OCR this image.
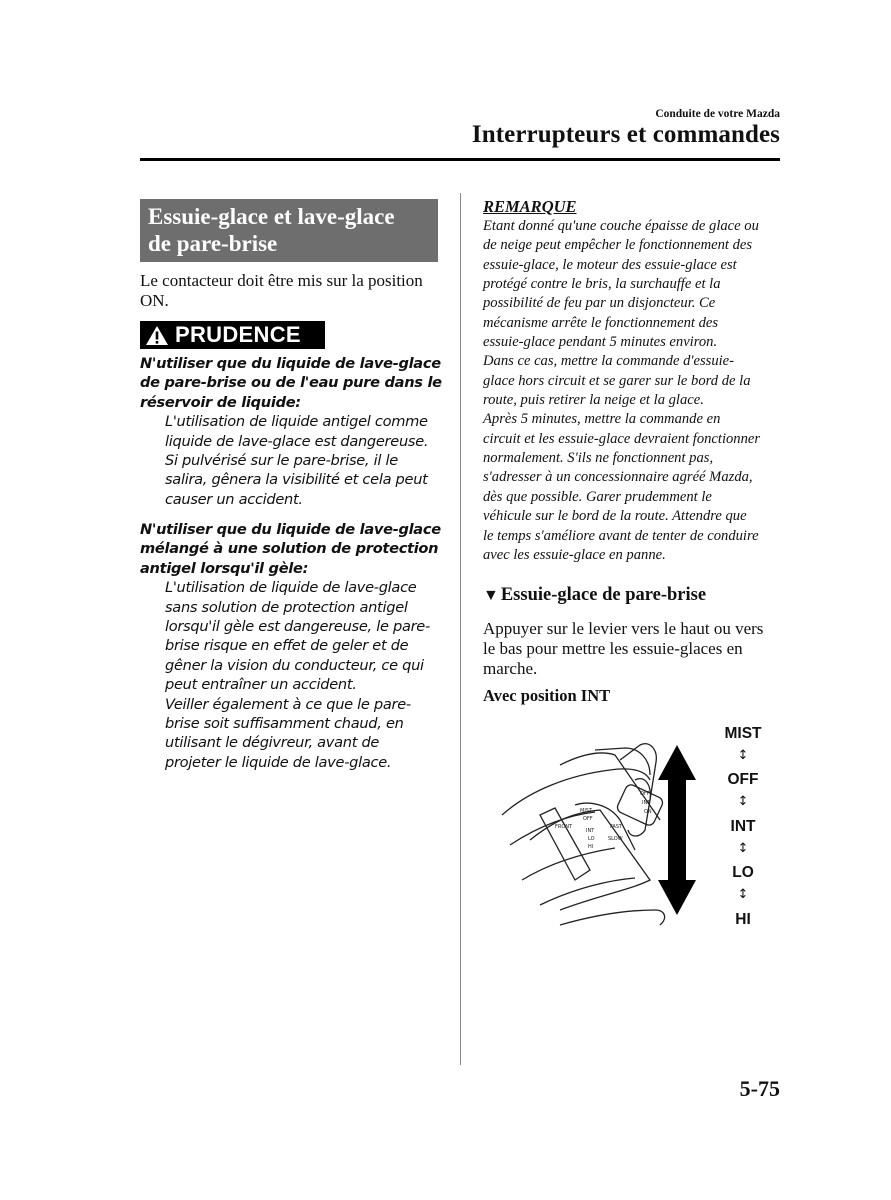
Conduite de votre Mazda
Interrupteurs et commandes
Essuie-glace et lave-glace
de pare-brise
Le contacteur doit être mis sur la position ON.
PRUDENCE
N'utiliser que du liquide de lave-glace
de pare-brise ou de l'eau pure dans le
réservoir de liquide:
L'utilisation de liquide antigel comme
liquide de lave-glace est dangereuse.
Si pulvérisé sur le pare-brise, il le
salira, gênera la visibilité et cela peut
causer un accident.
N'utiliser que du liquide de lave-glace
mélangé à une solution de protection
antigel lorsqu'il gèle:
L'utilisation de liquide de lave-glace
sans solution de protection antigel
lorsqu'il gèle est dangereuse, le pare-
brise risque en effet de geler et de
gêner la vision du conducteur, ce qui
peut entraîner un accident.
Veiller également à ce que le pare-
brise soit suffisamment chaud, en
utilisant le dégivreur, avant de
projeter le liquide de lave-glace.
REMARQUE
Etant donné qu'une couche épaisse de glace ou
de neige peut empêcher le fonctionnement des
essuie-glace, le moteur des essuie-glace est
protégé contre le bris, la surchauffe et la
possibilité de feu par un disjoncteur. Ce
mécanisme arrête le fonctionnement des
essuie-glace pendant 5 minutes environ.
Dans ce cas, mettre la commande d'essuie-
glace hors circuit et se garer sur le bord de la
route, puis retirer la neige et la glace.
Après 5 minutes, mettre la commande en
circuit et les essuie-glace devraient fonctionner
normalement. S'ils ne fonctionnent pas,
s'adresser à un concessionnaire agréé Mazda,
dès que possible. Garer prudemment le
véhicule sur le bord de la route. Attendre que
le temps s'améliore avant de tenter de conduire
avec les essuie-glace en panne.
▼ Essuie-glace de pare-brise
Appuyer sur le levier vers le haut ou vers
le bas pour mettre les essuie-glaces en
marche.
Avec position INT
MIST
OFF
INT
LO
HI
OFF
INT
ON
SLOW
FAST
FRONT
MIST
↕
OFF
↕
INT
↕
LO
↕
HI
5-75
